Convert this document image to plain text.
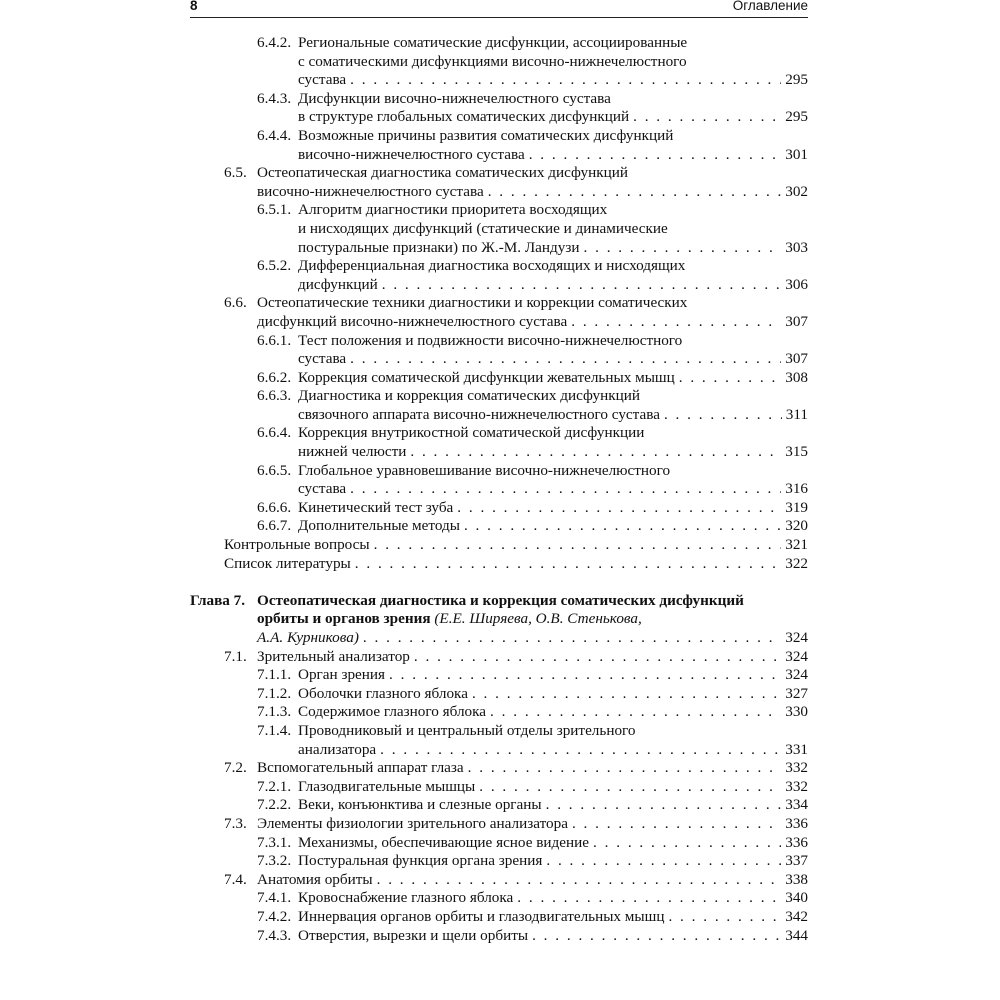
8	Оглавление
6.4.2. Региональные соматические дисфункции, ассоциированные
с соматическими дисфункциями височно-нижнечелюстного
сустава . . .	295
6.4.3. Дисфункции височно-нижнечелюстного сустава
в структуре глобальных соматических дисфункций . . .	295
6.4.4. Возможные причины развития соматических дисфункций
височно-нижнечелюстного сустава . . .	301
6.5. Остеопатическая диагностика соматических дисфункций
височно-нижнечелюстного сустава . . .	302
6.5.1. Алгоритм диагностики приоритета восходящих
и нисходящих дисфункций (статические и динамические
постуральные признаки) по Ж.-М. Ландузи . . .	303
6.5.2. Дифференциальная диагностика восходящих и нисходящих
дисфункций . . .	306
6.6. Остеопатические техники диагностики и коррекции соматических
дисфункций височно-нижнечелюстного сустава . . .	307
6.6.1. Тест положения и подвижности височно-нижнечелюстного
сустава . . .	307
6.6.2. Коррекция соматической дисфункции жевательных мышц . . .	308
6.6.3. Диагностика и коррекция соматических дисфункций
связочного аппарата височно-нижнечелюстного сустава . . .	311
6.6.4. Коррекция внутрикостной соматической дисфункции
нижней челюсти . . .	315
6.6.5. Глобальное уравновешивание височно-нижнечелюстного
сустава . . .	316
6.6.6. Кинетический тест зуба . . .	319
6.6.7. Дополнительные методы . . .	320
Контрольные вопросы . . .	321
Список литературы . . .	322
Глава 7. Остеопатическая диагностика и коррекция соматических дисфункций
орбиты и органов зрения (Е.Е. Ширяева, О.В. Стенькова,
А.А. Курникова) . . .	324
7.1. Зрительный анализатор . . .	324
7.1.1. Орган зрения . . .	324
7.1.2. Оболочки глазного яблока . . .	327
7.1.3. Содержимое глазного яблока . . .	330
7.1.4. Проводниковый и центральный отделы зрительного
анализатора . . .	331
7.2. Вспомогательный аппарат глаза . . .	332
7.2.1. Глазодвигательные мышцы . . .	332
7.2.2. Веки, конъюнктива и слезные органы . . .	334
7.3. Элементы физиологии зрительного анализатора . . .	336
7.3.1. Механизмы, обеспечивающие ясное видение . . .	336
7.3.2. Постуральная функция органа зрения . . .	337
7.4. Анатомия орбиты . . .	338
7.4.1. Кровоснабжение глазного яблока . . .	340
7.4.2. Иннервация органов орбиты и глазодвигательных мышц . . .	342
7.4.3. Отверстия, вырезки и щели орбиты . . .	344
